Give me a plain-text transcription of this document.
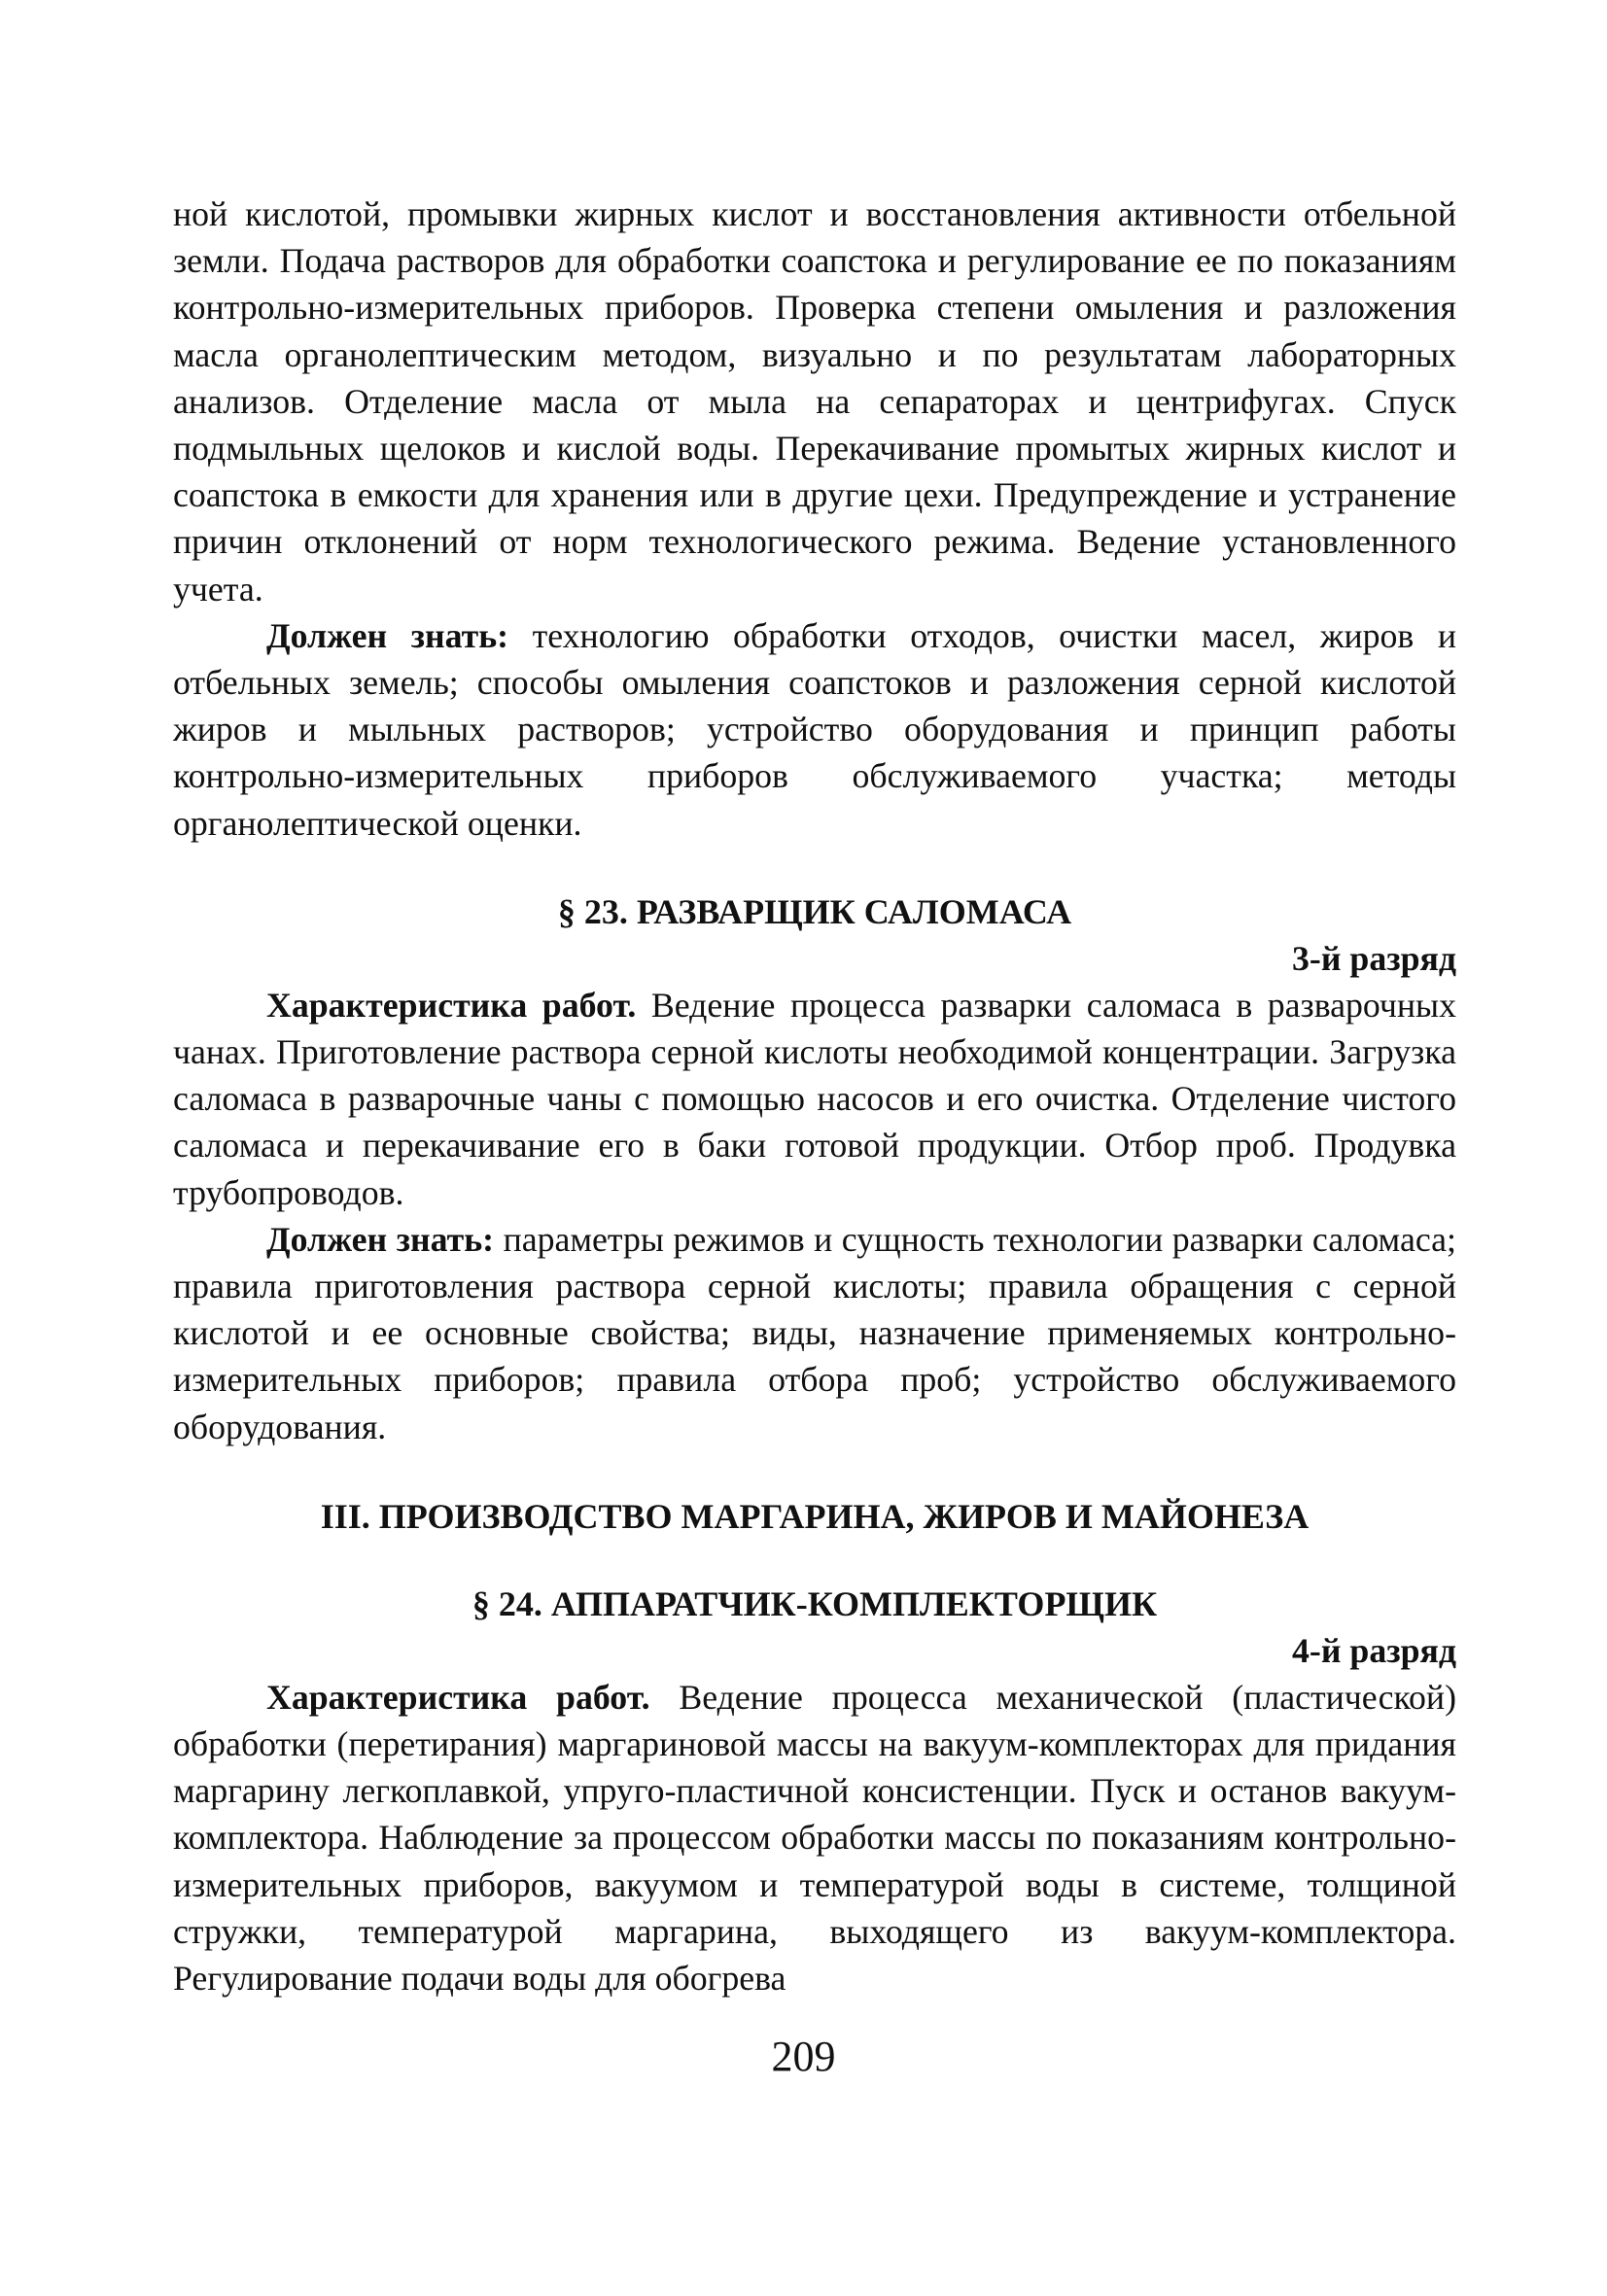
ной кислотой, промывки жирных кислот и восстановления активности отбельной земли. Подача растворов для обработки соапстока и регулирование ее по показаниям контрольно-измерительных приборов. Проверка степени омыления и разложения масла органолептическим методом, визуально и по результатам лабораторных анализов. Отделение масла от мыла на сепараторах и центрифугах. Спуск подмыльных щелоков и кислой воды. Перекачивание промытых жирных кислот и соапстока в емкости для хранения или в другие цехи. Предупреждение и устранение причин отклонений от норм технологического режима. Ведение установленного учета.

Должен знать: технологию обработки отходов, очистки масел, жиров и отбельных земель; способы омыления соапстоков и разложения серной кислотой жиров и мыльных растворов; устройство оборудования и принцип работы контрольно-измерительных приборов обслуживаемого участка; методы органолептической оценки.

§ 23. РАЗВАРЩИК САЛОМАСА

3-й разряд

Характеристика работ. Ведение процесса разварки саломаса в разварочных чанах. Приготовление раствора серной кислоты необходимой концентрации. Загрузка саломаса в разварочные чаны с помощью насосов и его очистка. Отделение чистого саломаса и перекачивание его в баки готовой продукции. Отбор проб. Продувка трубопроводов.

Должен знать: параметры режимов и сущность технологии разварки саломаса; правила приготовления раствора серной кислоты; правила обращения с серной кислотой и ее основные свойства; виды, назначение применяемых контрольно-измерительных приборов; правила отбора проб; устройство обслуживаемого оборудования.

III. ПРОИЗВОДСТВО МАРГАРИНА, ЖИРОВ И МАЙОНЕЗА
§ 24. АППАРАТЧИК-КОМПЛЕКТОРЩИК

4-й разряд

Характеристика работ. Ведение процесса механической (пластической) обработки (перетирания) маргариновой массы на вакуум-комплекторах для придания маргарину легкоплавкой, упруго-пластичной консистенции. Пуск и останов вакуум-комплектора. Наблюдение за процессом обработки массы по показаниям контрольно-измерительных приборов, вакуумом и температурой воды в системе, толщиной стружки, температурой маргарина, выходящего из вакуум-комплектора. Регулирование подачи воды для обогрева

209
